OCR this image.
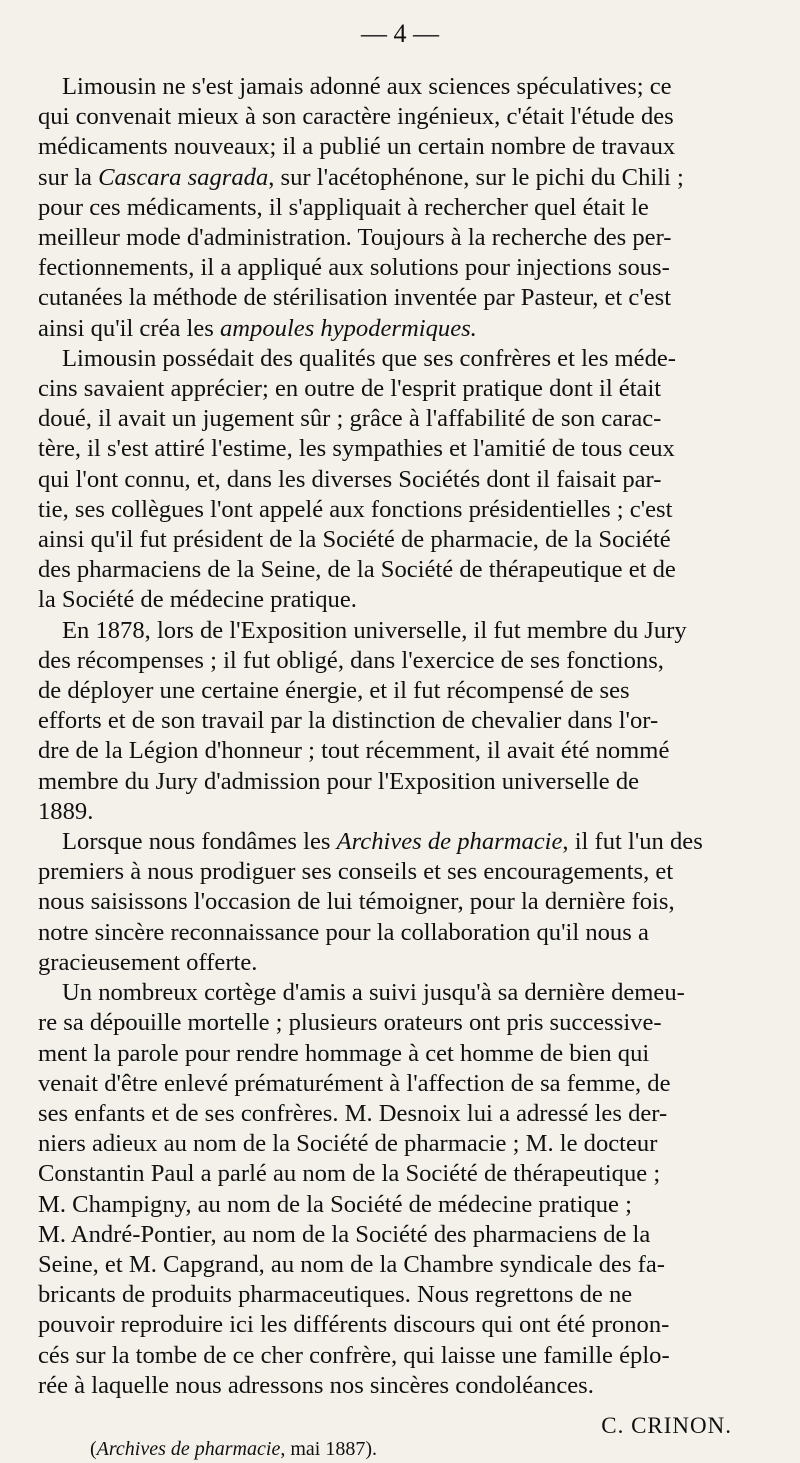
— 4 —

Limousin ne s'est jamais adonné aux sciences spéculatives; ce
qui convenait mieux à son caractère ingénieux, c'était l'étude des
médicaments nouveaux; il a publié un certain nombre de travaux
sur la Cascara sagrada, sur l'acétophénone, sur le pichi du Chili ;
pour ces médicaments, il s'appliquait à rechercher quel était le
meilleur mode d'administration. Toujours à la recherche des per-
fectionnements, il a appliqué aux solutions pour injections sous-
cutanées la méthode de stérilisation inventée par Pasteur, et c'est
ainsi qu'il créa les ampoules hypodermiques.

Limousin possédait des qualités que ses confrères et les méde-
cins savaient apprécier; en outre de l'esprit pratique dont il était
doué, il avait un jugement sûr ; grâce à l'affabilité de son carac-
tère, il s'est attiré l'estime, les sympathies et l'amitié de tous ceux
qui l'ont connu, et, dans les diverses Sociétés dont il faisait par-
tie, ses collègues l'ont appelé aux fonctions présidentielles ; c'est
ainsi qu'il fut président de la Société de pharmacie, de la Société
des pharmaciens de la Seine, de la Société de thérapeutique et de
la Société de médecine pratique.

En 1878, lors de l'Exposition universelle, il fut membre du Jury
des récompenses ; il fut obligé, dans l'exercice de ses fonctions,
de déployer une certaine énergie, et il fut récompensé de ses
efforts et de son travail par la distinction de chevalier dans l'or-
dre de la Légion d'honneur ; tout récemment, il avait été nommé
membre du Jury d'admission pour l'Exposition universelle de
1889.

Lorsque nous fondâmes les Archives de pharmacie, il fut l'un des
premiers à nous prodiguer ses conseils et ses encouragements, et
nous saisissons l'occasion de lui témoigner, pour la dernière fois,
notre sincère reconnaissance pour la collaboration qu'il nous a
gracieusement offerte.

Un nombreux cortège d'amis a suivi jusqu'à sa dernière demeu-
re sa dépouille mortelle ; plusieurs orateurs ont pris successive-
ment la parole pour rendre hommage à cet homme de bien qui
venait d'être enlevé prématurément à l'affection de sa femme, de
ses enfants et de ses confrères. M. Desnoix lui a adressé les der-
niers adieux au nom de la Société de pharmacie ; M. le docteur
Constantin Paul a parlé au nom de la Société de thérapeutique ;
M. Champigny, au nom de la Société de médecine pratique ;
M. André-Pontier, au nom de la Société des pharmaciens de la
Seine, et M. Capgrand, au nom de la Chambre syndicale des fa-
bricants de produits pharmaceutiques. Nous regrettons de ne
pouvoir reproduire ici les différents discours qui ont été pronon-
cés sur la tombe de ce cher confrère, qui laisse une famille éplo-
rée à laquelle nous adressons nos sincères condoléances.

C. CRINON.
(Archives de pharmacie, mai 1887).
